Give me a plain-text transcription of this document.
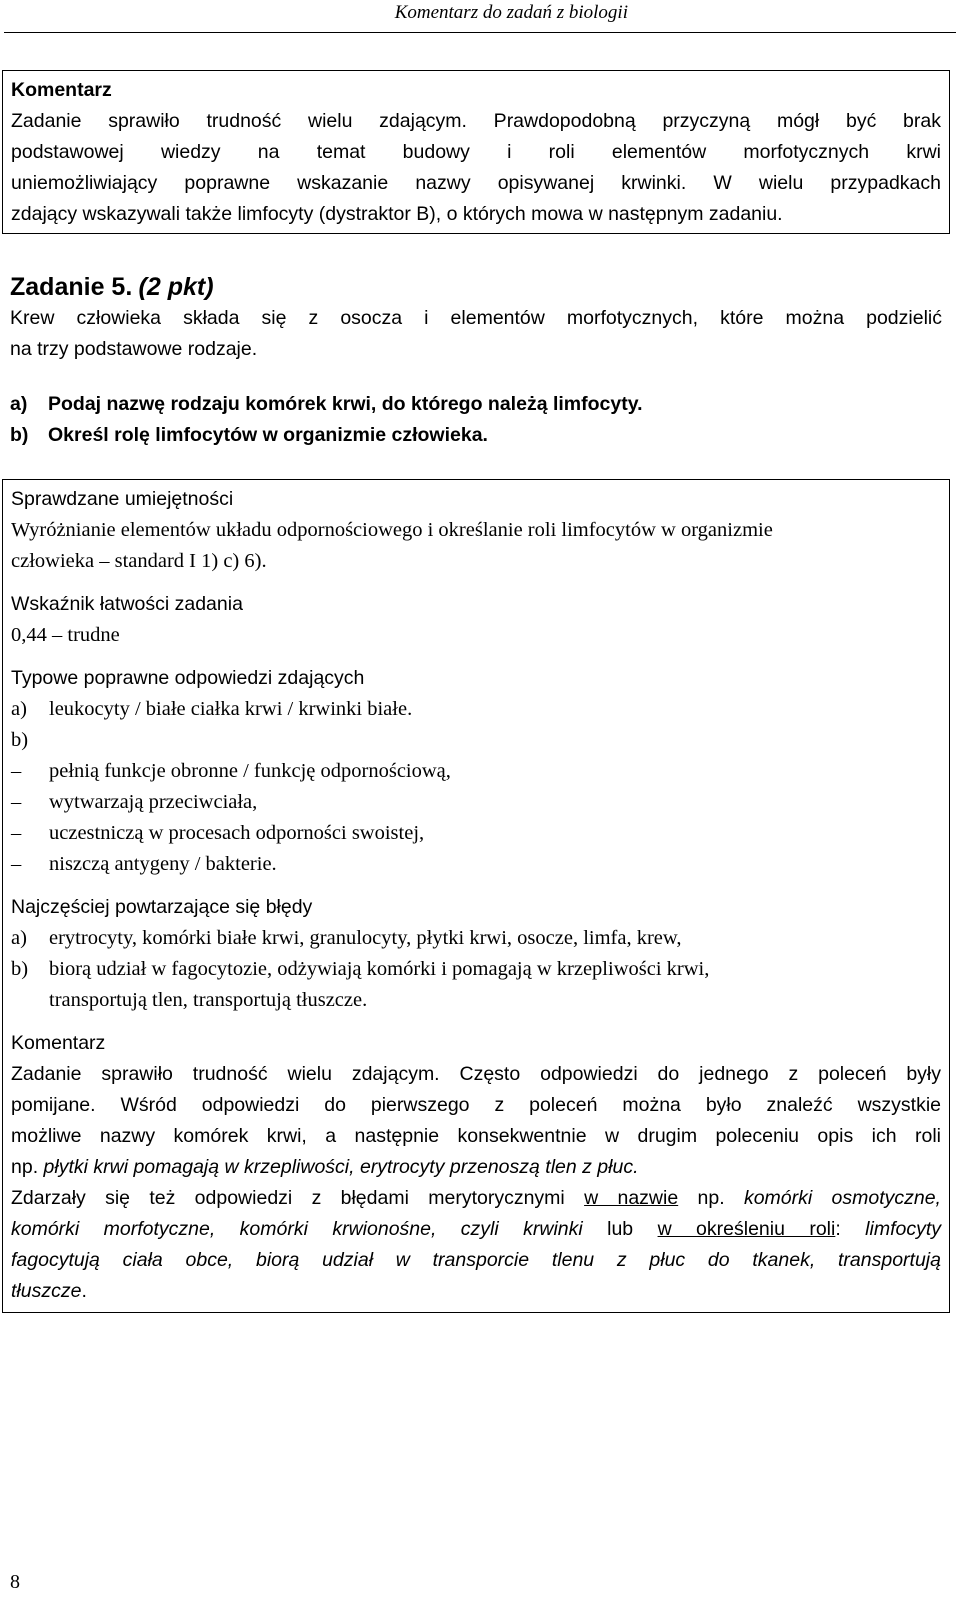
Komentarz do zadań z biologii
Komentarz
Zadanie sprawiło trudność wielu zdającym. Prawdopodobną przyczyną mógł być brak
podstawowej wiedzy na temat budowy i roli elementów morfotycznych krwi
uniemożliwiający poprawne wskazanie nazwy opisywanej krwinki. W wielu przypadkach
zdający wskazywali także limfocyty (dystraktor B), o których mowa w następnym zadaniu.
Zadanie 5. (2 pkt)
Krew człowieka składa się z osocza i elementów morfotycznych, które można podzielić
na trzy podstawowe rodzaje.
a)	Podaj nazwę rodzaju komórek krwi, do którego należą limfocyty.
b)	Określ rolę limfocytów w organizmie człowieka.
Sprawdzane umiejętności
Wyróżnianie elementów układu odpornościowego i określanie roli limfocytów w organizmie
człowieka – standard I 1) c) 6).
Wskaźnik łatwości zadania
0,44 – trudne
Typowe poprawne odpowiedzi zdających
a)	leukocyty / białe ciałka krwi / krwinki białe.
b)
–	pełnią funkcje obronne / funkcję odpornościową,
–	wytwarzają przeciwciała,
–	uczestniczą w procesach odporności swoistej,
–	niszczą antygeny / bakterie.
Najczęściej powtarzające się błędy
a)	erytrocyty, komórki białe krwi, granulocyty, płytki krwi, osocze, limfa, krew,
b)	biorą udział w fagocytozie, odżywiają komórki i pomagają w krzepliwości krwi,
transportują tlen, transportują tłuszcze.
Komentarz
Zadanie sprawiło trudność wielu zdającym. Często odpowiedzi do jednego z poleceń były
pomijane. Wśród odpowiedzi do pierwszego z poleceń można było znaleźć wszystkie
możliwe nazwy komórek krwi, a następnie konsekwentnie w drugim poleceniu opis ich roli
np. płytki krwi pomagają w krzepliwości, erytrocyty przenoszą tlen z płuc.
Zdarzały się też odpowiedzi z błędami merytorycznymi w nazwie np. komórki osmotyczne,
komórki morfotyczne, komórki krwionośne, czyli krwinki lub w określeniu roli: limfocyty
fagocytują ciała obce, biorą udział w transporcie tlenu z płuc do tkanek, transportują
tłuszcze.
8
